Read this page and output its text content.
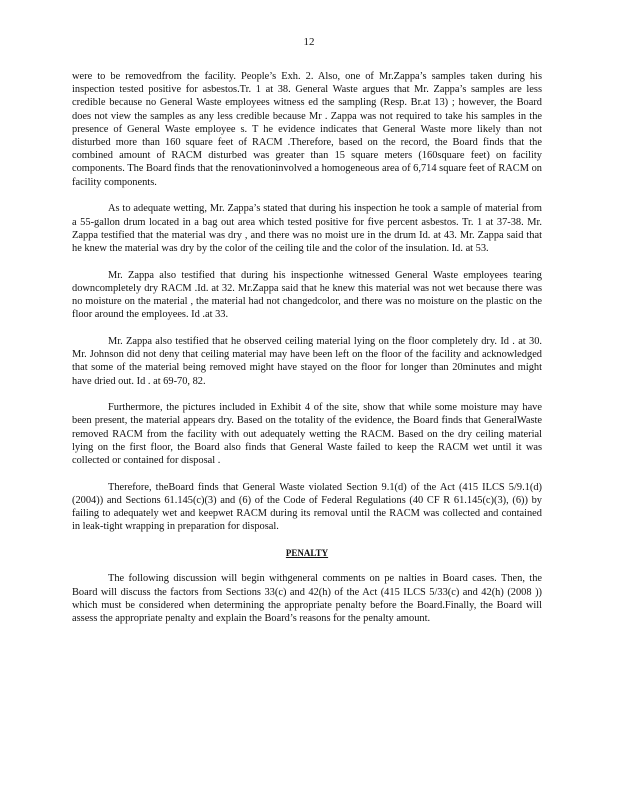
12

were to be removedfrom the facility. People’s Exh. 2. Also, one of Mr.Zappa’s samples taken during his inspection tested positive for asbestos.Tr. 1 at 38. General Waste argues that Mr. Zappa’s samples are less credible because no General Waste employees witness ed the sampling (Resp. Br.at 13) ; however, the Board does not view the samples as any less credible because Mr . Zappa was not required to take his samples in the presence of General Waste employee s. T he evidence indicates that General Waste more likely than not disturbed more than 160 square feet of RACM .Therefore, based on the record, the Board finds that the combined amount of RACM disturbed was greater than 15 square meters (160square feet) on facility components. The Board finds that the renovationinvolved a homogeneous area of 6,714 square feet of RACM on facility components.

As to adequate wetting, Mr. Zappa’s stated that during his inspection he took a sample of material from a 55-gallon drum located in a bag out area which tested positive for five percent asbestos. Tr. 1 at 37-38. Mr. Zappa testified that the material was dry , and there was no moist ure in the drum Id. at 43. Mr. Zappa said that he knew the material was dry by the color of the ceiling tile and the color of the insulation. Id. at 53.

Mr. Zappa also testified that during his inspectionhe witnessed General Waste employees tearing downcompletely dry RACM .Id. at 32. Mr.Zappa said that he knew this material was not wet because there was no moisture on the material , the material had not changedcolor, and there was no moisture on the plastic on the floor around the employees. Id .at 33.

Mr. Zappa also testified that he observed ceiling material lying on the floor completely dry. Id . at 30. Mr. Johnson did not deny that ceiling material may have been left on the floor of the facility and acknowledged that some of the material being removed might have stayed on the floor for longer than 20minutes and might have dried out. Id . at 69-70, 82.

Furthermore, the pictures included in Exhibit 4 of the site, show that while some moisture may have been present, the material appears dry. Based on the totality of the evidence, the Board finds that GeneralWaste removed RACM from the facility with out adequately wetting the RACM. Based on the dry ceiling material lying on the first floor, the Board also finds that General Waste failed to keep the RACM wet until it was collected or contained for disposal .

Therefore, theBoard finds that General Waste violated Section 9.1(d) of the Act (415 ILCS 5/9.1(d) (2004)) and Sections 61.145(c)(3) and (6) of the Code of Federal Regulations (40 CF R 61.145(c)(3), (6)) by failing to adequately wet and keepwet RACM during its removal until the RACM was collected and contained in leak-tight wrapping in preparation for disposal.

PENALTY

The following discussion will begin withgeneral comments on pe nalties in Board cases. Then, the Board will discuss the factors from Sections 33(c) and 42(h) of the Act (415 ILCS 5/33(c) and 42(h) (2008 )) which must be considered when determining the appropriate penalty before the Board.Finally, the Board will assess the appropriate penalty and explain the Board’s reasons for the penalty amount.
